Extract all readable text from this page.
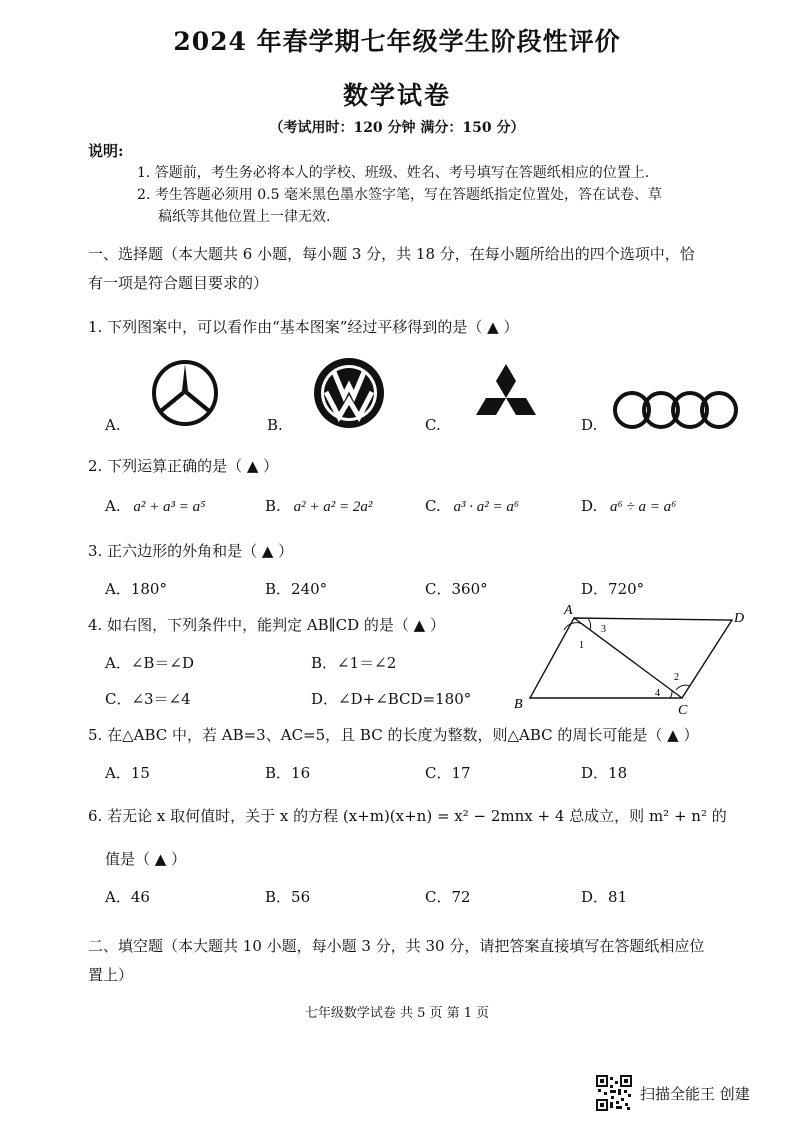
2024 年春学期七年级学生阶段性评价
数学试卷
（考试用时：120 分钟 满分：150 分）
说明:
1. 答题前，考生务必将本人的学校、班级、姓名、考号填写在答题纸相应的位置上.
2. 考生答题必须用 0.5 毫米黑色墨水签字笔，写在答题纸指定位置处，答在试卷、草
稿纸等其他位置上一律无效.
一、选择题（本大题共 6 小题，每小题 3 分，共 18 分，在每小题所给出的四个选项中，恰
有一项是符合题目要求的）
1. 下列图案中，可以看作由“基本图案”经过平移得到的是（ ▲ ）
A.	B.	C.	D.
2. 下列运算正确的是（ ▲ ）
A. a² + a³ = a⁵	B. a² + a² = 2a²	C. a³ · a² = a⁶	D. a⁶ ÷ a = a⁶
3. 正六边形的外角和是（ ▲ ）
A．180°	B．240°	C．360°	D．720°
4. 如右图，下列条件中，能判定 AB∥CD 的是（ ▲ ）
A．∠B＝∠D	B．∠1＝∠2
C．∠3＝∠4	D．∠D+∠BCD=180°
A
D
B	C
1
3
2
4
5. 在△ABC 中，若 AB=3、AC=5，且 BC 的长度为整数，则△ABC 的周长可能是（ ▲ ）
A．15	B．16	C．17	D．18
6. 若无论 x 取何值时，关于 x 的方程 (x+m)(x+n) = x² − 2mnx + 4 总成立，则 m² + n² 的
值是（ ▲ ）
A．46	B．56	C．72	D．81
二、填空题（本大题共 10 小题，每小题 3 分，共 30 分，请把答案直接填写在答题纸相应位
置上）
七年级数学试卷 共 5 页 第 1 页
扫描全能王 创建
